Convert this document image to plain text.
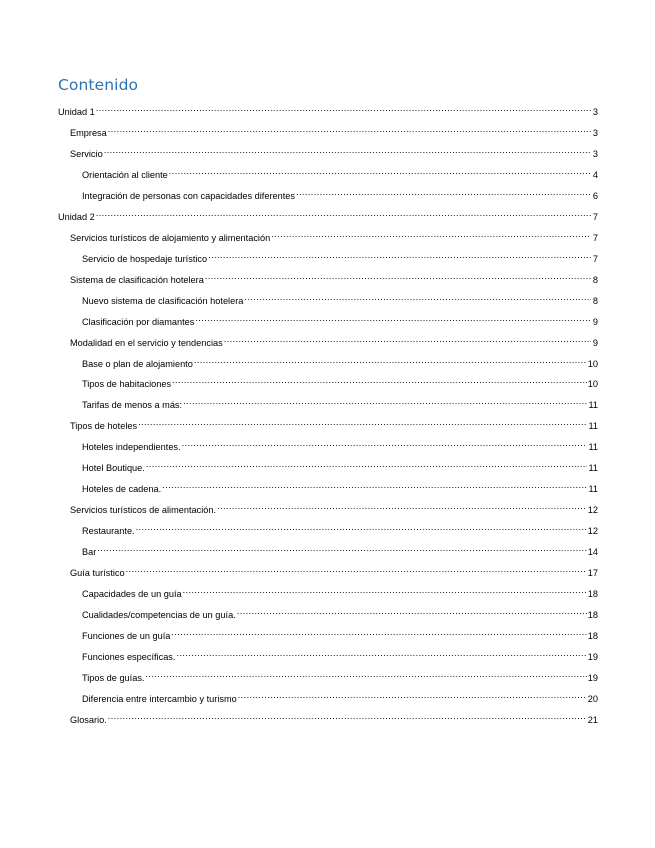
Contenido
Unidad 1 .....	3
Empresa .....	3
Servicio .....	3
Orientación al cliente .....	4
Integración de personas con capacidades diferentes .....	6
Unidad 2 .....	7
Servicios turísticos de alojamiento y alimentación .....	7
Servicio de hospedaje turístico .....	7
Sistema de clasificación hotelera .....	8
Nuevo sistema de clasificación hotelera .....	8
Clasificación por diamantes .....	9
Modalidad en el servicio y tendencias .....	9
Base o plan de alojamiento .....	10
Tipos de habitaciones .....	10
Tarifas de menos a más: .....	11
Tipos de hoteles .....	11
Hoteles independientes. .....	11
Hotel Boutique. .....	11
Hoteles de cadena. .....	11
Servicios turísticos de alimentación. .....	12
Restaurante. .....	12
Bar .....	14
Guía turístico .....	17
Capacidades de un guía .....	18
Cualidades/competencias de un guía. .....	18
Funciones de un guía .....	18
Funciones específicas. .....	19
Tipos de guías. .....	19
Diferencia entre intercambio y turismo .....	20
Glosario. .....	21
